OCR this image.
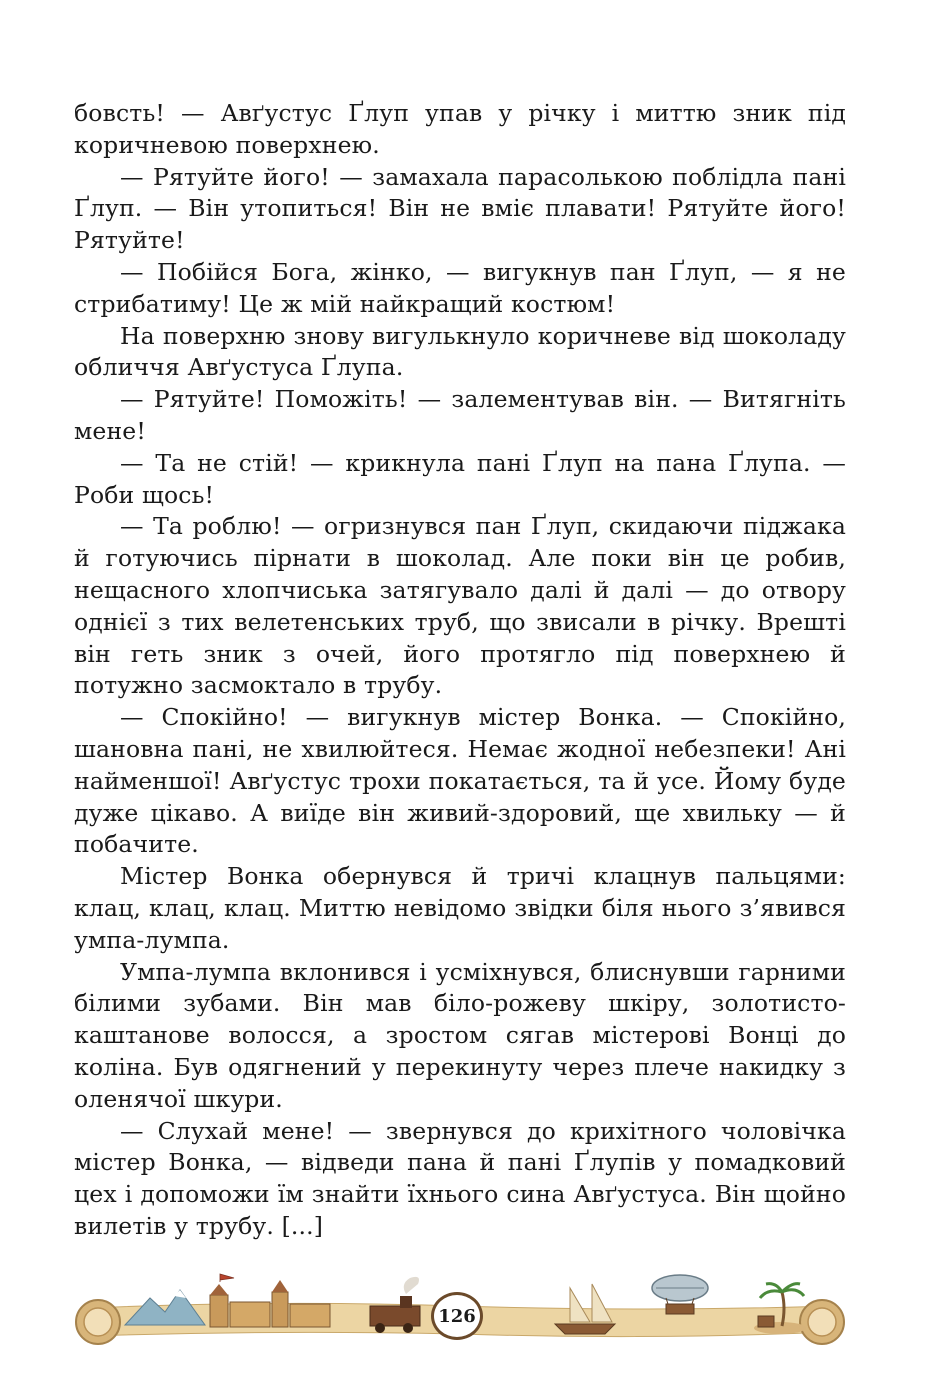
бовсть! — Авґустус Ґлуп упав у річку і миттю зник під коричневою поверхнею.

— Рятуйте його! — замахала парасолькою поблідла пані Ґлуп. — Він утопиться! Він не вміє плавати! Рятуйте його! Рятуйте!

— Побійся Бога, жінко, — вигукнув пан Ґлуп, — я не стрибатиму! Це ж мій найкращий костюм!

На поверхню знову вигулькнуло коричневе від шоколаду обличчя Авґустуса Ґлупа.

— Рятуйте! Поможіть! — залементував він. — Витягніть мене!

— Та не стій! — крикнула пані Ґлуп на пана Ґлупа. — Роби щось!

— Та роблю! — огризнувся пан Ґлуп, скидаючи піджака й готуючись пірнати в шоколад. Але поки він це робив, нещасного хлопчиська затягувало далі й далі — до отвору однієї з тих велетенських труб, що звисали в річку. Врешті він геть зник з очей, його протягло під поверхнею й потужно засмоктало в трубу.

— Спокійно! — вигукнув містер Вонка. — Спокійно, шановна пані, не хвилюйтеся. Немає жодної небезпеки! Ані найменшої! Авґустус трохи покатається, та й усе. Йому буде дуже цікаво. А виїде він живий-здоровий, ще хвильку — й побачите.

Містер Вонка обернувся й тричі клацнув пальцями: клац, клац, клац. Миттю невідомо звідки біля нього з’явився умпа-лумпа.

Умпа-лумпа вклонився і усміхнувся, блиснувши гарними білими зубами. Він мав біло-рожеву шкіру, золотисто-каштанове волосся, а зростом сягав містерові Вонці до коліна. Був одягнений у перекинуту через плече накидку з оленячої шкури.

— Слухай мене! — звернувся до крихітного чоловічка містер Вонка, — відведи пана й пані Ґлупів у помадковий цех і допоможи їм знайти їхнього сина Авґустуса. Він щойно вилетів у трубу. [...]

126
